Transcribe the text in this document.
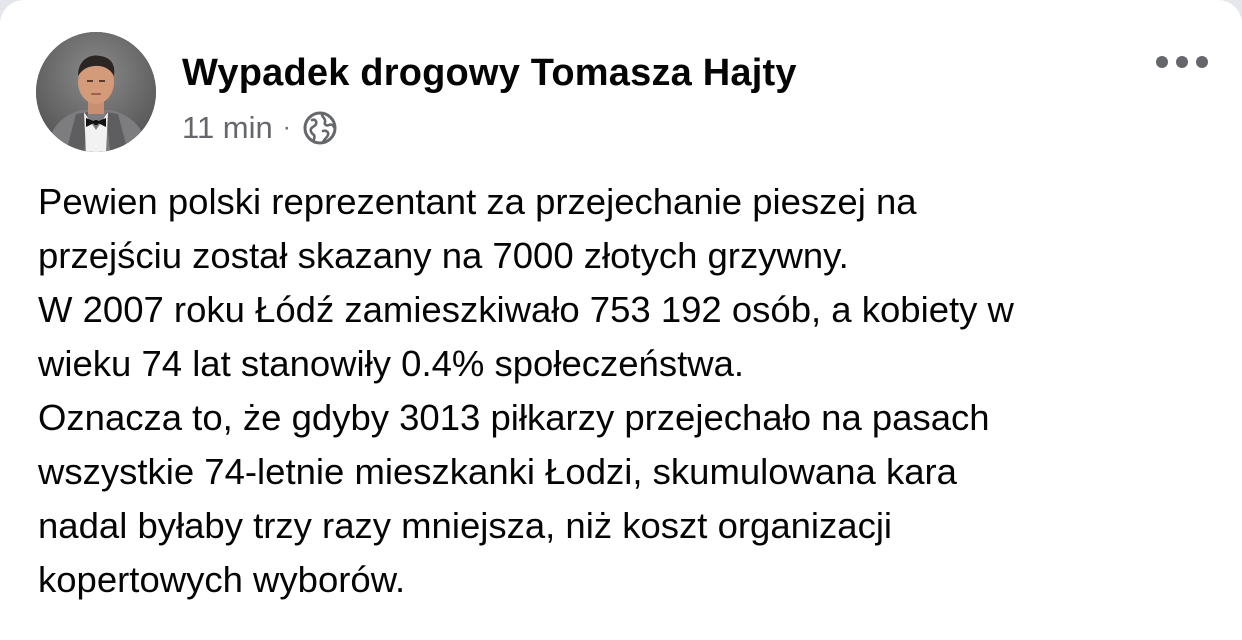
Wypadek drogowy Tomasza Hajty
11 min ·

Pewien polski reprezentant za przejechanie pieszej na

przejściu został skazany na 7000 złotych grzywny.

W 2007 roku Łódź zamieszkiwało 753 192 osób, a kobiety w

wieku 74 lat stanowiły 0.4% społeczeństwa.

Oznacza to, że gdyby 3013 piłkarzy przejechało na pasach

wszystkie 74-letnie mieszkanki Łodzi, skumulowana kara

nadal byłaby trzy razy mniejsza, niż koszt organizacji

kopertowych wyborów.
